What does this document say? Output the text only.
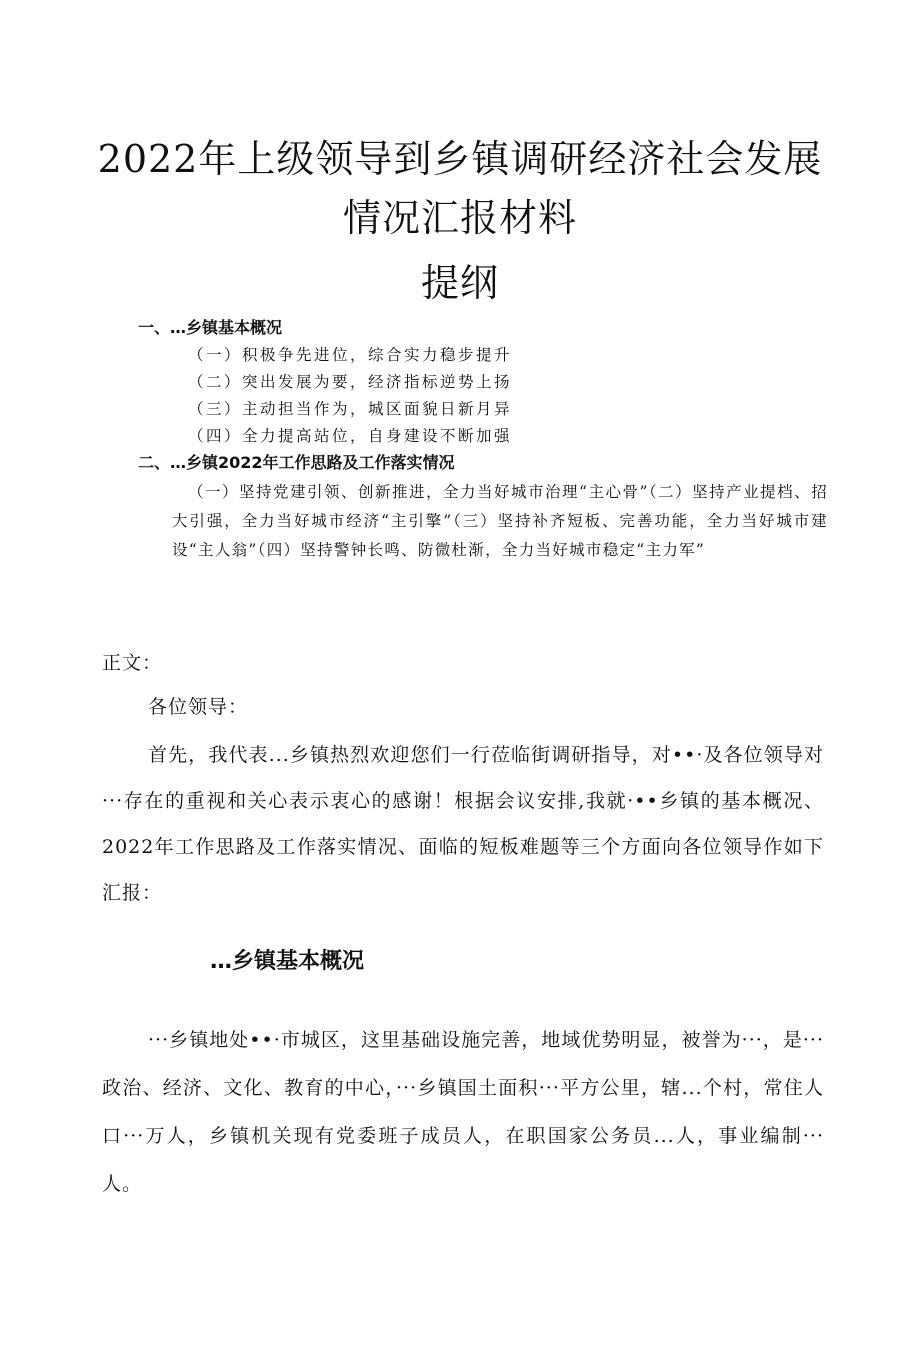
2022年上级领导到乡镇调研经济社会发展
情况汇报材料
提纲
一、…乡镇基本概况
（一）积极争先进位，综合实力稳步提升
（二）突出发展为要，经济指标逆势上扬
（三）主动担当作为，城区面貌日新月异
（四）全力提高站位，自身建设不断加强
二、…乡镇2022年工作思路及工作落实情况
（一）坚持党建引领、创新推进，全力当好城市治理“主心骨”（二）坚持产业提档、招大引强，全力当好城市经济“主引擎”（三）坚持补齐短板、完善功能，全力当好城市建设“主人翁”（四）坚持警钟长鸣、防微杜渐，全力当好城市稳定“主力军”
正文：
各位领导：
首先，我代表...乡镇热烈欢迎您们一行莅临街调研指导，对••·及各位领导对···存在的重视和关心表示衷心的感谢！根据会议安排,我就·••乡镇的基本概况、2022年工作思路及工作落实情况、面临的短板难题等三个方面向各位领导作如下汇报：
…乡镇基本概况
···乡镇地处••·市城区，这里基础设施完善，地域优势明显，被誉为···，是···政治、经济、文化、教育的中心，···乡镇国土面积···平方公里，辖...个村，常住人口···万人，乡镇机关现有党委班子成员人，在职国家公务员...人，事业编制···人。
